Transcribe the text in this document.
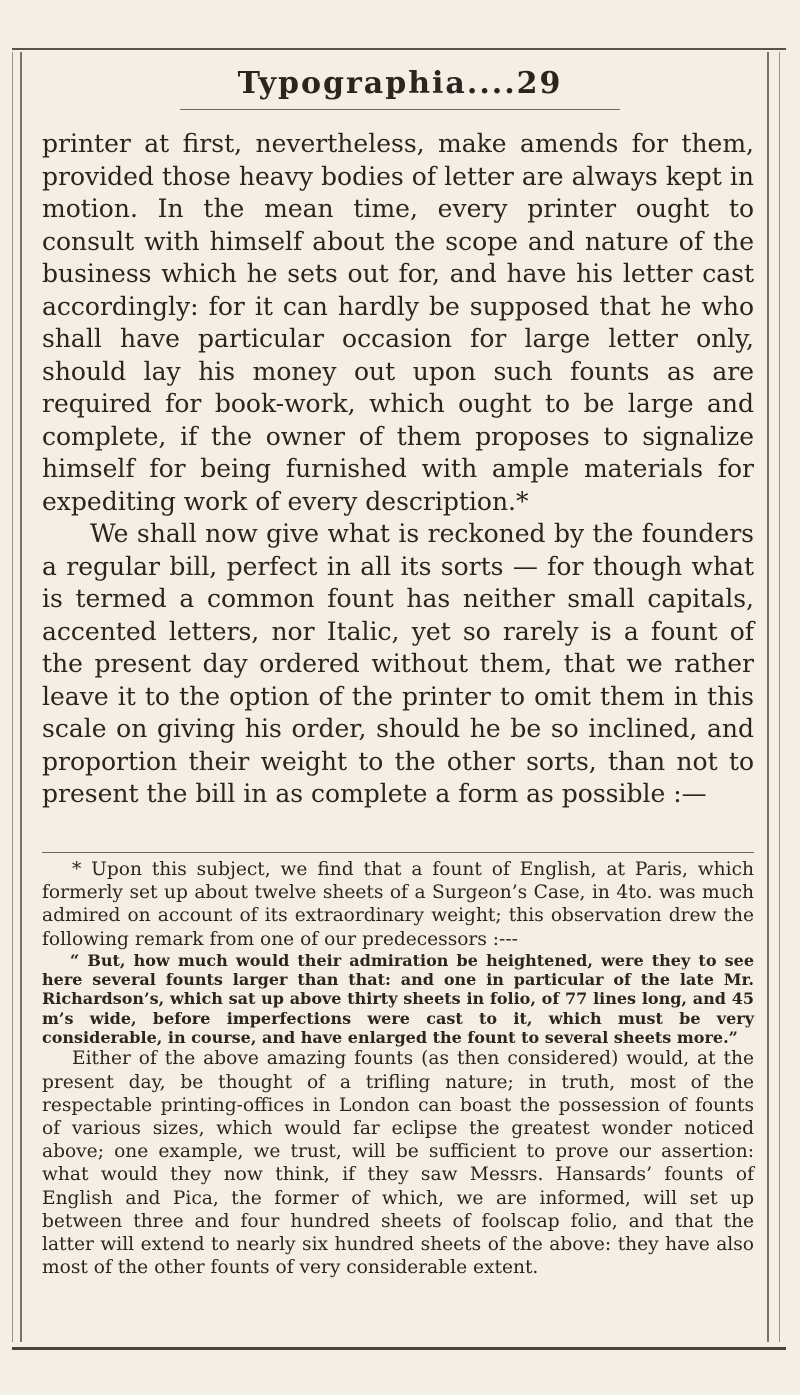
Typographia....29

printer at first, nevertheless, make amends for them, provided those heavy bodies of letter are always kept in motion. In the mean time, every printer ought to consult with himself about the scope and nature of the business which he sets out for, and have his letter cast accordingly: for it can hardly be supposed that he who shall have particular occasion for large letter only, should lay his money out upon such founts as are required for book-work, which ought to be large and complete, if the owner of them proposes to signalize himself for being furnished with ample materials for expediting work of every description.*

We shall now give what is reckoned by the founders a regular bill, perfect in all its sorts — for though what is termed a common fount has neither small capitals, accented letters, nor Italic, yet so rarely is a fount of the present day ordered without them, that we rather leave it to the option of the printer to omit them in this scale on giving his order, should he be so inclined, and proportion their weight to the other sorts, than not to present the bill in as complete a form as possible :—

* Upon this subject, we find that a fount of English, at Paris, which formerly set up about twelve sheets of a Surgeon’s Case, in 4to. was much admired on account of its extraordinary weight; this observation drew the following remark from one of our predecessors :---

“ But, how much would their admiration be heightened, were they to see here several founts larger than that: and one in particular of the late Mr. Richardson’s, which sat up above thirty sheets in folio, of 77 lines long, and 45 m’s wide, before imperfections were cast to it, which must be very considerable, in course, and have enlarged the fount to several sheets more.”

Either of the above amazing founts (as then considered) would, at the present day, be thought of a trifling nature; in truth, most of the respectable printing-offices in London can boast the possession of founts of various sizes, which would far eclipse the greatest wonder noticed above; one example, we trust, will be sufficient to prove our assertion: what would they now think, if they saw Messrs. Hansards’ founts of English and Pica, the former of which, we are informed, will set up between three and four hundred sheets of foolscap folio, and that the latter will extend to nearly six hundred sheets of the above: they have also most of the other founts of very considerable extent.
